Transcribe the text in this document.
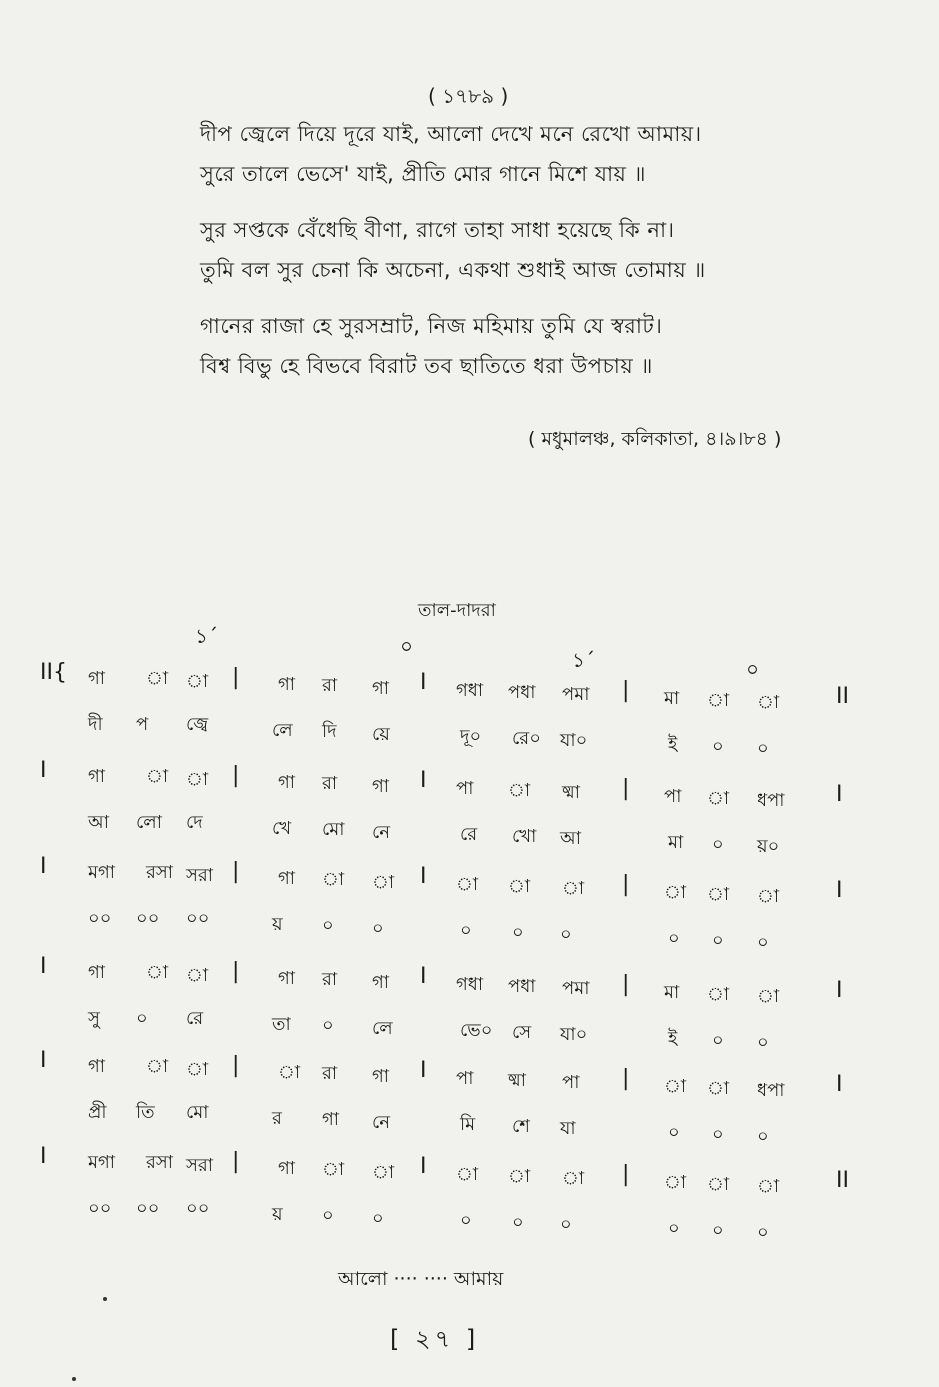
( ১৭৮৯ )
দীপ জ্বেলে দিয়ে দূরে যাই, আলো দেখে মনে রেখো আমায়।
সুরে তালে ভেসে' যাই, প্রীতি মোর গানে মিশে যায় ॥
সুর সপ্তকে বেঁধেছি বীণা, রাগে তাহা সাধা হয়েছে কি না।
তুমি বল সুর চেনা কি অচেনা, একথা শুধাই আজ তোমায় ॥
গানের রাজা হে সুরসম্রাট, নিজ মহিমায় তুমি যে স্বরাট।
বিশ্ব বিভু হে বিভবে বিরাট তব ছাতিতে ধরা উপচায় ॥
( মধুমালঞ্চ, কলিকাতা, ৪।৯।৮৪ )
তাল-দাদরা
১´	০
১´	০
II{ গা া া | গা রা গা I গধা পধা পমা | মা া া	II
দী প জ্বে	লে দি য়ে	দূ০ রে০ যা০	ই ০ ০
I গা া া | গা রা গা I পা া ষ্মা | পা া ধপা I
আ লো দে	খে মো নে	রে খো আ	মা ০ য়০
I মগা রসা সরা | গা া া I া া া | া া া	I
০০ ০০ ০০	য় ০ ০	০ ০ ০	০ ০ ০
I গা া া | গা রা গা I গধা পধা পমা | মা া া	I
সু ০ রে	তা ০ লে	ভে০ সে যা০	ই ০ ০
I গা া া | া রা গা I পা ষ্মা পা | া া ধপা I
প্রী তি মো	র গা নে	মি শে যা	০ ০ ০
I মগা রসা সরা | গা া া I া া া | া া া	II
০০ ০০ ০০	য় ০ ০	০ ০ ০	০ ০ ০
আলো ···· ···· আমায়
[ ২৭ ]
